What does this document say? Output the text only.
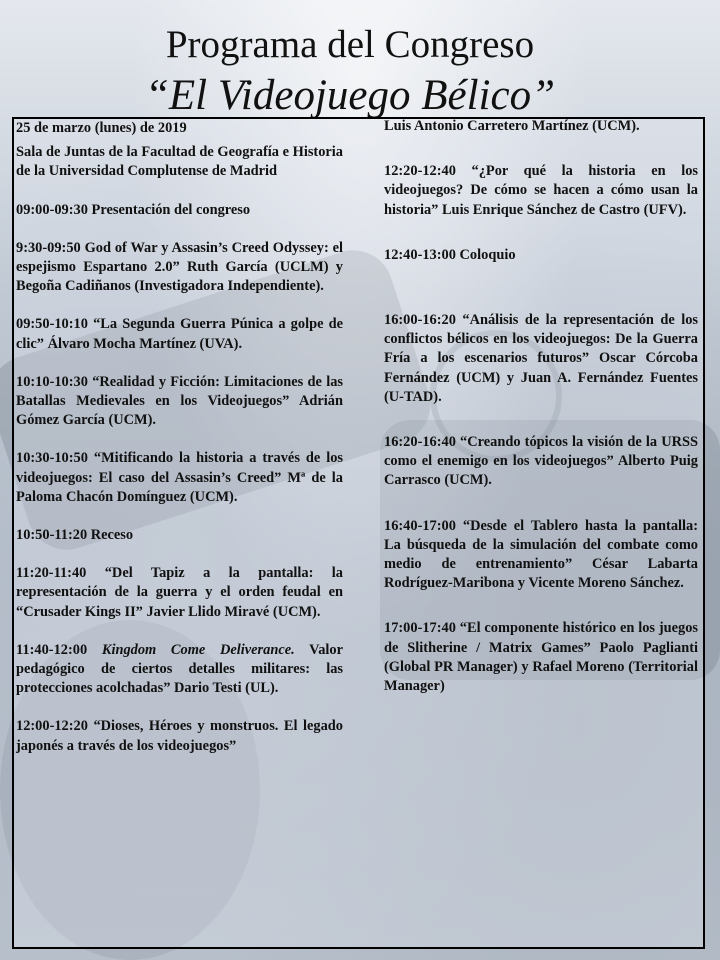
Programa del Congreso
“El Videojuego Bélico”

25 de marzo (lunes) de 2019

Sala de Juntas de la Facultad de Geografía e Historia de la Universidad Complutense de Madrid

09:00-09:30 Presentación del congreso

9:30-09:50 God of War y Assasin’s Creed Odyssey: el espejismo Espartano 2.0” Ruth García (UCLM) y Begoña Cadiñanos (Investigadora Independiente).

09:50-10:10 “La Segunda Guerra Púnica a golpe de clic” Álvaro Mocha Martínez (UVA).

10:10-10:30 “Realidad y Ficción: Limitaciones de las Batallas Medievales en los Videojuegos” Adrián Gómez García (UCM).

10:30-10:50 “Mitificando la historia a través de los videojuegos: El caso del Assasin’s Creed” Mª de la Paloma Chacón Domínguez (UCM).

10:50-11:20 Receso

11:20-11:40 “Del Tapiz a la pantalla: la representación de la guerra y el orden feudal en “Crusader Kings II” Javier Llido Miravé (UCM).

11:40-12:00 Kingdom Come Deliverance. Valor pedagógico de ciertos detalles militares: las protecciones acolchadas” Dario Testi (UL).

12:00-12:20 “Dioses, Héroes y monstruos. El legado japonés a través de los videojuegos”

Luis Antonio Carretero Martínez (UCM).

12:20-12:40 “¿Por qué la historia en los videojuegos? De cómo se hacen a cómo usan la historia” Luis Enrique Sánchez de Castro (UFV).

12:40-13:00 Coloquio

16:00-16:20 “Análisis de la representación de los conflictos bélicos en los videojuegos: De la Guerra Fría a los escenarios futuros” Oscar Córcoba Fernández (UCM) y Juan A. Fernández Fuentes (U-TAD).

16:20-16:40 “Creando tópicos la visión de la URSS como el enemigo en los videojuegos” Alberto Puig Carrasco (UCM).

16:40-17:00 “Desde el Tablero hasta la pantalla: La búsqueda de la simulación del combate como medio de entrenamiento” César Labarta Rodríguez-Maribona y Vicente Moreno Sánchez.

17:00-17:40 “El componente histórico en los juegos de Slitherine / Matrix Games” Paolo Paglianti (Global PR Manager) y Rafael Moreno (Territorial Manager)
